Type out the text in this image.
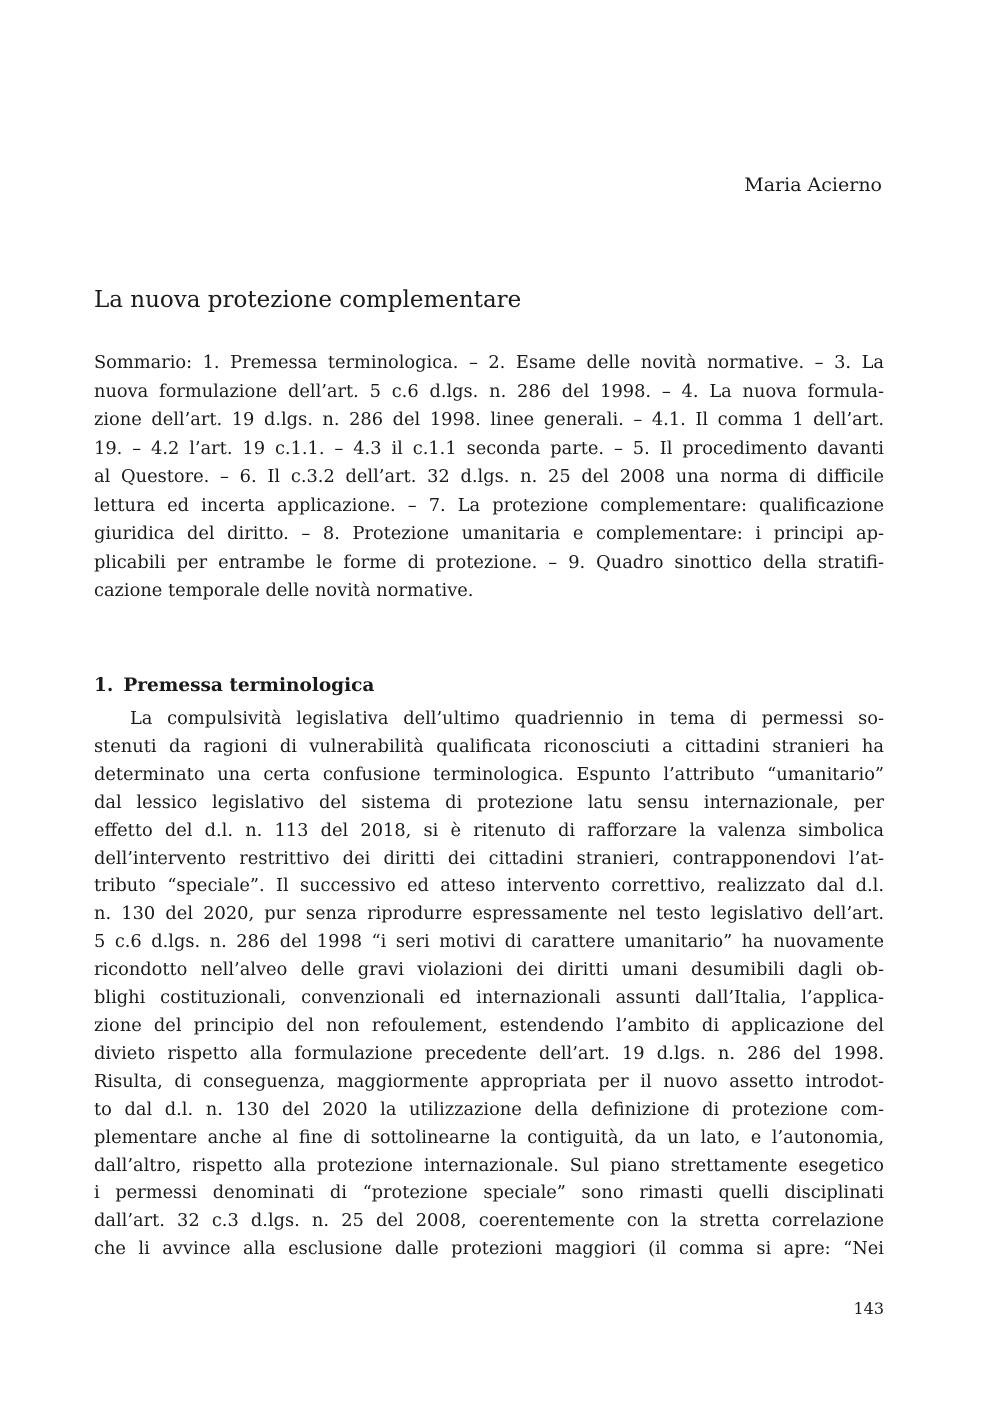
Maria Acierno
La nuova protezione complementare
Sommario: 1. Premessa terminologica. – 2. Esame delle novità normative. – 3. La
nuova formulazione dell’art. 5 c.6 d.lgs. n. 286 del 1998. – 4. La nuova formula-
zione dell’art. 19 d.lgs. n. 286 del 1998. linee generali. – 4.1. Il comma 1 dell’art.
19. – 4.2 l’art. 19 c.1.1. – 4.3 il c.1.1 seconda parte. – 5. Il procedimento davanti
al Questore. – 6. Il c.3.2 dell’art. 32 d.lgs. n. 25 del 2008 una norma di difficile
lettura ed incerta applicazione. – 7. La protezione complementare: qualificazione
giuridica del diritto. – 8. Protezione umanitaria e complementare: i principi ap-
plicabili per entrambe le forme di protezione. – 9. Quadro sinottico della stratifi-
cazione temporale delle novità normative.
1. Premessa terminologica
La compulsività legislativa dell’ultimo quadriennio in tema di permessi so-
stenuti da ragioni di vulnerabilità qualificata riconosciuti a cittadini stranieri ha
determinato una certa confusione terminologica. Espunto l’attributo “umanitario”
dal lessico legislativo del sistema di protezione latu sensu internazionale, per
effetto del d.l. n. 113 del 2018, si è ritenuto di rafforzare la valenza simbolica
dell’intervento restrittivo dei diritti dei cittadini stranieri, contrapponendovi l’at-
tributo “speciale”. Il successivo ed atteso intervento correttivo, realizzato dal d.l.
n. 130 del 2020, pur senza riprodurre espressamente nel testo legislativo dell’art.
5 c.6 d.lgs. n. 286 del 1998 “i seri motivi di carattere umanitario” ha nuovamente
ricondotto nell’alveo delle gravi violazioni dei diritti umani desumibili dagli ob-
blighi costituzionali, convenzionali ed internazionali assunti dall’Italia, l’applica-
zione del principio del non refoulement, estendendo l’ambito di applicazione del
divieto rispetto alla formulazione precedente dell’art. 19 d.lgs. n. 286 del 1998.
Risulta, di conseguenza, maggiormente appropriata per il nuovo assetto introdot-
to dal d.l. n. 130 del 2020 la utilizzazione della definizione di protezione com-
plementare anche al fine di sottolinearne la contiguità, da un lato, e l’autonomia,
dall’altro, rispetto alla protezione internazionale. Sul piano strettamente esegetico
i permessi denominati di “protezione speciale” sono rimasti quelli disciplinati
dall’art. 32 c.3 d.lgs. n. 25 del 2008, coerentemente con la stretta correlazione
che li avvince alla esclusione dalle protezioni maggiori (il comma si apre: “Nei
143
